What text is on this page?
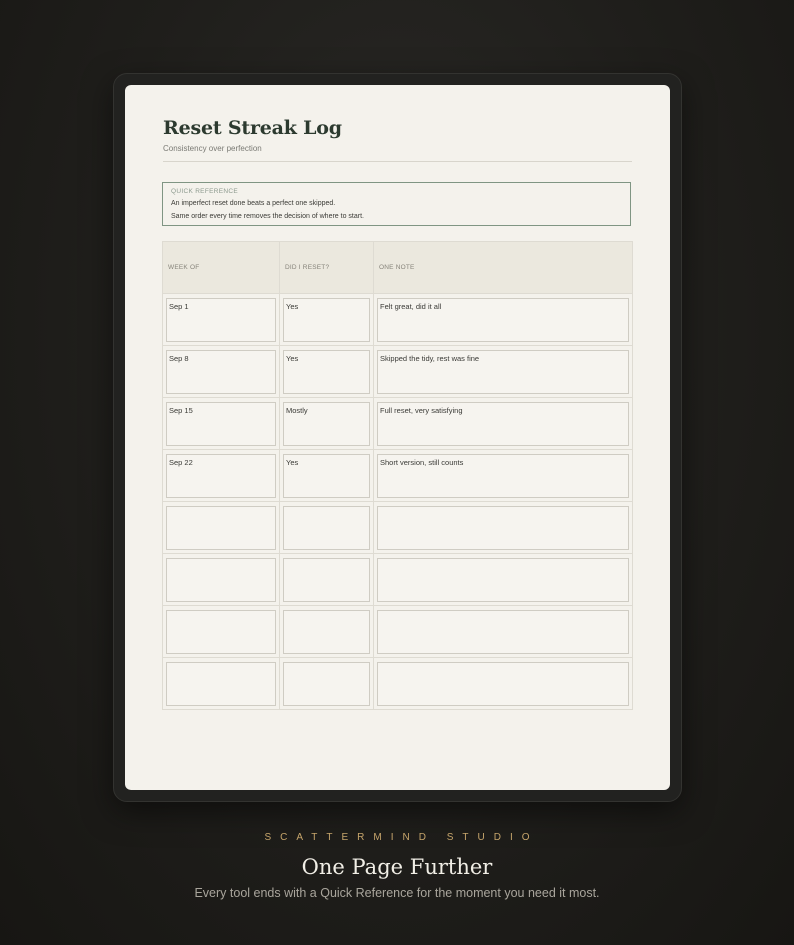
Reset Streak Log
Consistency over perfection
QUICK REFERENCE
An imperfect reset done beats a perfect one skipped.
Same order every time removes the decision of where to start.
WEEK OF	DID I RESET?	ONE NOTE

Sep 1	Yes	Felt great, did it all

Sep 8	Yes	Skipped the tidy, rest was fine

Sep 15	Mostly	Full reset, very satisfying

Sep 22	Yes	Short version, still counts

SCATTERMIND STUDIO
One Page Further
Every tool ends with a Quick Reference for the moment you need it most.
